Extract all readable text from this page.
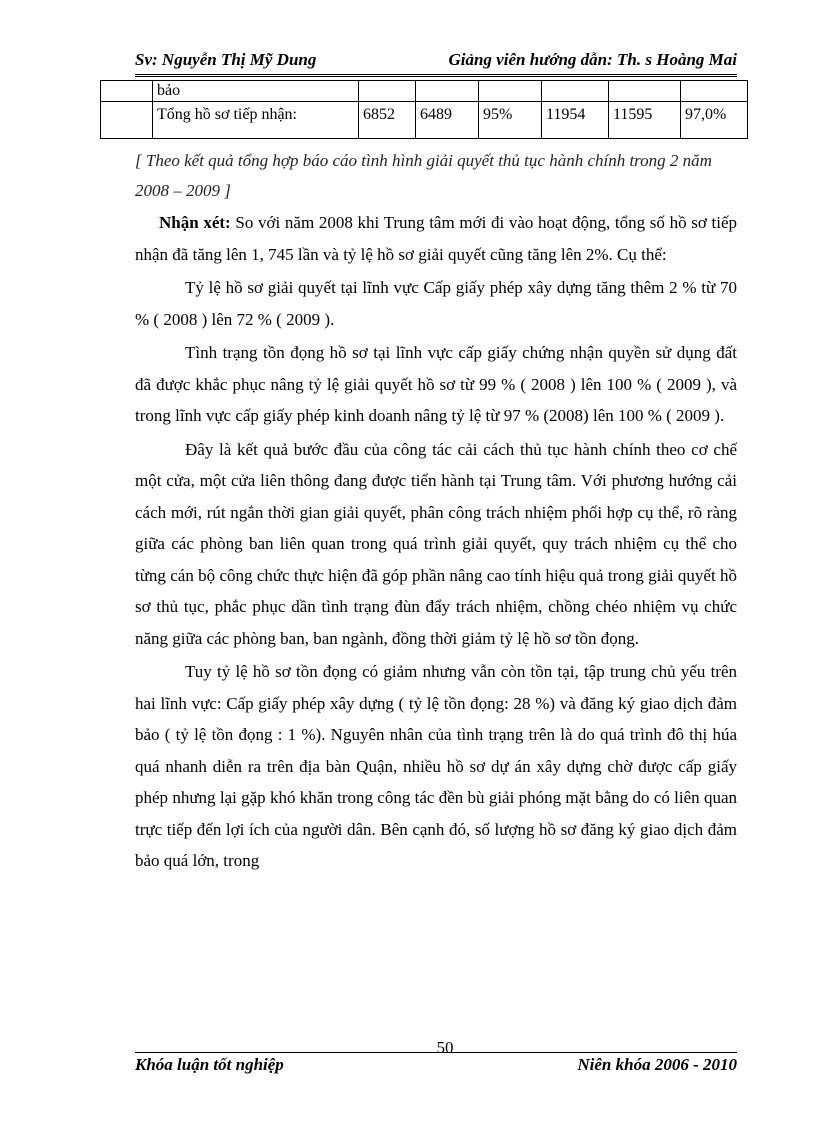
Sv: Nguyễn Thị Mỹ Dung	Giảng viên hướng dẫn: Th. s Hoàng Mai
	bảo						
	Tổng hồ sơ tiếp nhận:	6852	6489	95%	11954	11595	97,0%
[ Theo kết quả tổng hợp báo cáo tình hình giải quyết thủ tục hành chính trong 2 năm 2008 – 2009 ]

Nhận xét: So với năm 2008 khi Trung tâm mới đi vào hoạt động, tổng số hồ sơ tiếp nhận đã tăng lên 1, 745 lần và tỷ lệ hồ sơ giải quyết cũng tăng lên 2%. Cụ thể:

Tỷ lệ hồ sơ giải quyết tại lĩnh vực Cấp giấy phép xây dựng tăng thêm 2 % từ 70 % ( 2008 ) lên 72 % ( 2009 ).

Tình trạng tồn đọng hồ sơ tại lĩnh vực cấp giấy chứng nhận quyền sử dụng đất đã được khắc phục nâng tỷ lệ giải quyết hồ sơ từ 99 % ( 2008 ) lên 100 % ( 2009 ), và trong lĩnh vực cấp giấy phép kinh doanh nâng tỷ lệ từ 97 % (2008) lên 100 % ( 2009 ).

Đây là kết quả bước đầu của công tác cải cách thủ tục hành chính theo cơ chế một cửa, một cửa liên thông đang được tiến hành tại Trung tâm. Với phương hướng cải cách mới, rút ngắn thời gian giải quyết, phân công trách nhiệm phối hợp cụ thể, rõ ràng giữa các phòng ban liên quan trong quá trình giải quyết, quy trách nhiệm cụ thể cho từng cán bộ công chức thực hiện đã góp phần nâng cao tính hiệu quả trong giải quyết hồ sơ thủ tục, phắc phục dần tình trạng đùn đẩy trách nhiệm, chồng chéo nhiệm vụ chức năng giữa các phòng ban, ban ngành, đồng thời giảm tỷ lệ hồ sơ tồn đọng.

Tuy tỷ lệ hồ sơ tồn đọng có giảm nhưng vẫn còn tồn tại, tập trung chủ yếu trên hai lĩnh vực: Cấp giấy phép xây dựng ( tỷ lệ tồn đọng: 28 %) và đăng ký giao dịch đảm bảo ( tỷ lệ tồn đọng : 1 %). Nguyên nhân của tình trạng trên là do quá trình đô thị húa quá nhanh diễn ra trên địa bàn Quận, nhiều hồ sơ dự án xây dựng chờ được cấp giấy phép nhưng lại gặp khó khăn trong công tác đền bù giải phóng mặt bằng do có liên quan trực tiếp đến lợi ích của người dân. Bên cạnh đó, số lượng hồ sơ đăng ký giao dịch đảm bảo quá lớn, trong

50
Khóa luận tốt nghiệp	Niên khóa 2006 - 2010
